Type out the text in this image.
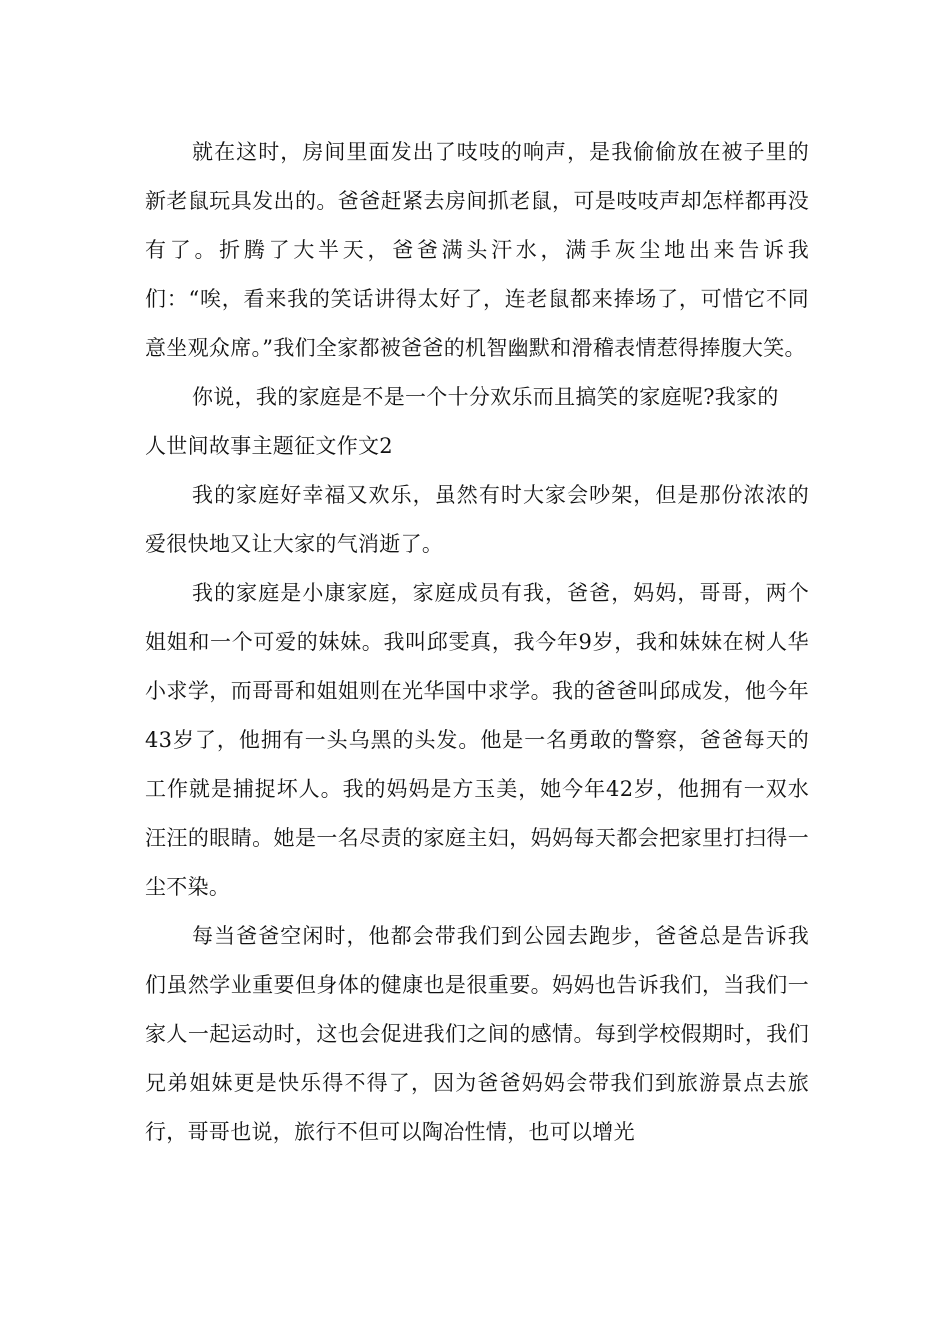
就在这时，房间里面发出了吱吱的响声，是我偷偷放在被子里的新老鼠玩具发出的。爸爸赶紧去房间抓老鼠，可是吱吱声却怎样都再没有了。折腾了大半天，爸爸满头汗水，满手灰尘地出来告诉我们：“唉，看来我的笑话讲得太好了，连老鼠都来捧场了，可惜它不同意坐观众席。”我们全家都被爸爸的机智幽默和滑稽表情惹得捧腹大笑。

你说，我的家庭是不是一个十分欢乐而且搞笑的家庭呢?我家的

人世间故事主题征文作文2

我的家庭好幸福又欢乐，虽然有时大家会吵架，但是那份浓浓的爱很快地又让大家的气消逝了。

我的家庭是小康家庭，家庭成员有我，爸爸，妈妈，哥哥，两个姐姐和一个可爱的妹妹。我叫邱雯真，我今年9岁，我和妹妹在树人华小求学，而哥哥和姐姐则在光华国中求学。我的爸爸叫邱成发，他今年43岁了，他拥有一头乌黑的头发。他是一名勇敢的警察，爸爸每天的工作就是捕捉坏人。我的妈妈是方玉美，她今年42岁，他拥有一双水汪汪的眼睛。她是一名尽责的家庭主妇，妈妈每天都会把家里打扫得一尘不染。

每当爸爸空闲时，他都会带我们到公园去跑步，爸爸总是告诉我们虽然学业重要但身体的健康也是很重要。妈妈也告诉我们，当我们一家人一起运动时，这也会促进我们之间的感情。每到学校假期时，我们兄弟姐妹更是快乐得不得了，因为爸爸妈妈会带我们到旅游景点去旅行，哥哥也说，旅行不但可以陶冶性情，也可以增光
